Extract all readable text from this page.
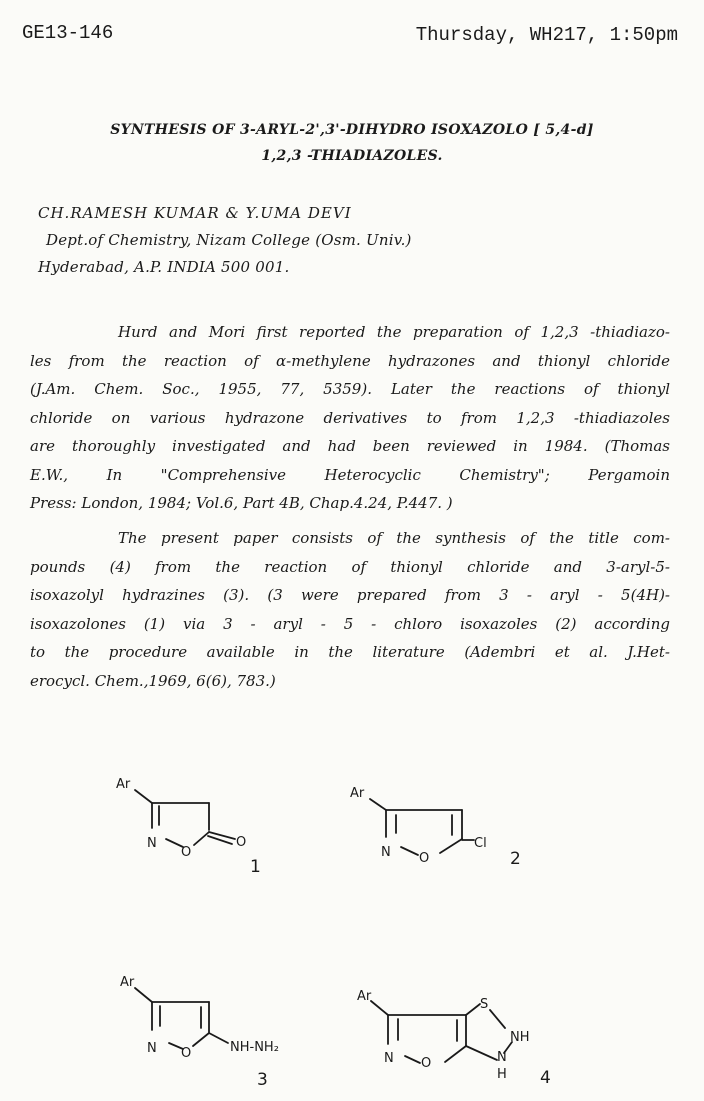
GE13-146	Thursday, WH217, 1:50pm
SYNTHESIS OF 3-ARYL-2',3'-DIHYDRO ISOXAZOLO [ 5,4-d]
1,2,3 -THIADIAZOLES.
CH.RAMESH KUMAR & Y.UMA DEVI
Dept.of Chemistry, Nizam College (Osm. Univ.)
Hyderabad, A.P. INDIA 500 001.
Hurd and Mori first reported the preparation of 1,2,3 -thiadiazo-
les from the reaction of α-methylene hydrazones and thionyl chloride
(J.Am. Chem. Soc., 1955, 77, 5359). Later the reactions of thionyl
chloride on various hydrazone derivatives to from 1,2,3 -thiadiazoles
are thoroughly investigated and had been reviewed in 1984. (Thomas
E.W., In "Comprehensive Heterocyclic Chemistry"; Pergamoin
Press: London, 1984; Vol.6, Part 4B, Chap.4.24, P.447. )
The present paper consists of the synthesis of the title com-
pounds (4) from the reaction of thionyl chloride and 3-aryl-5-
isoxazolyl hydrazines (3). (3 were prepared from 3 - aryl - 5(4H)-
isoxazolones (1) via 3 - aryl - 5 - chloro isoxazoles (2) according
to the procedure available in the literature (Adembri et al. J.Het-
erocycl. Chem.,1969, 6(6), 783.)
Ar
N
O
O
1
Ar
N O
Cl
2
Ar
N O	NH-NH₂
3
Ar
S
NH
N
H
N O
4
